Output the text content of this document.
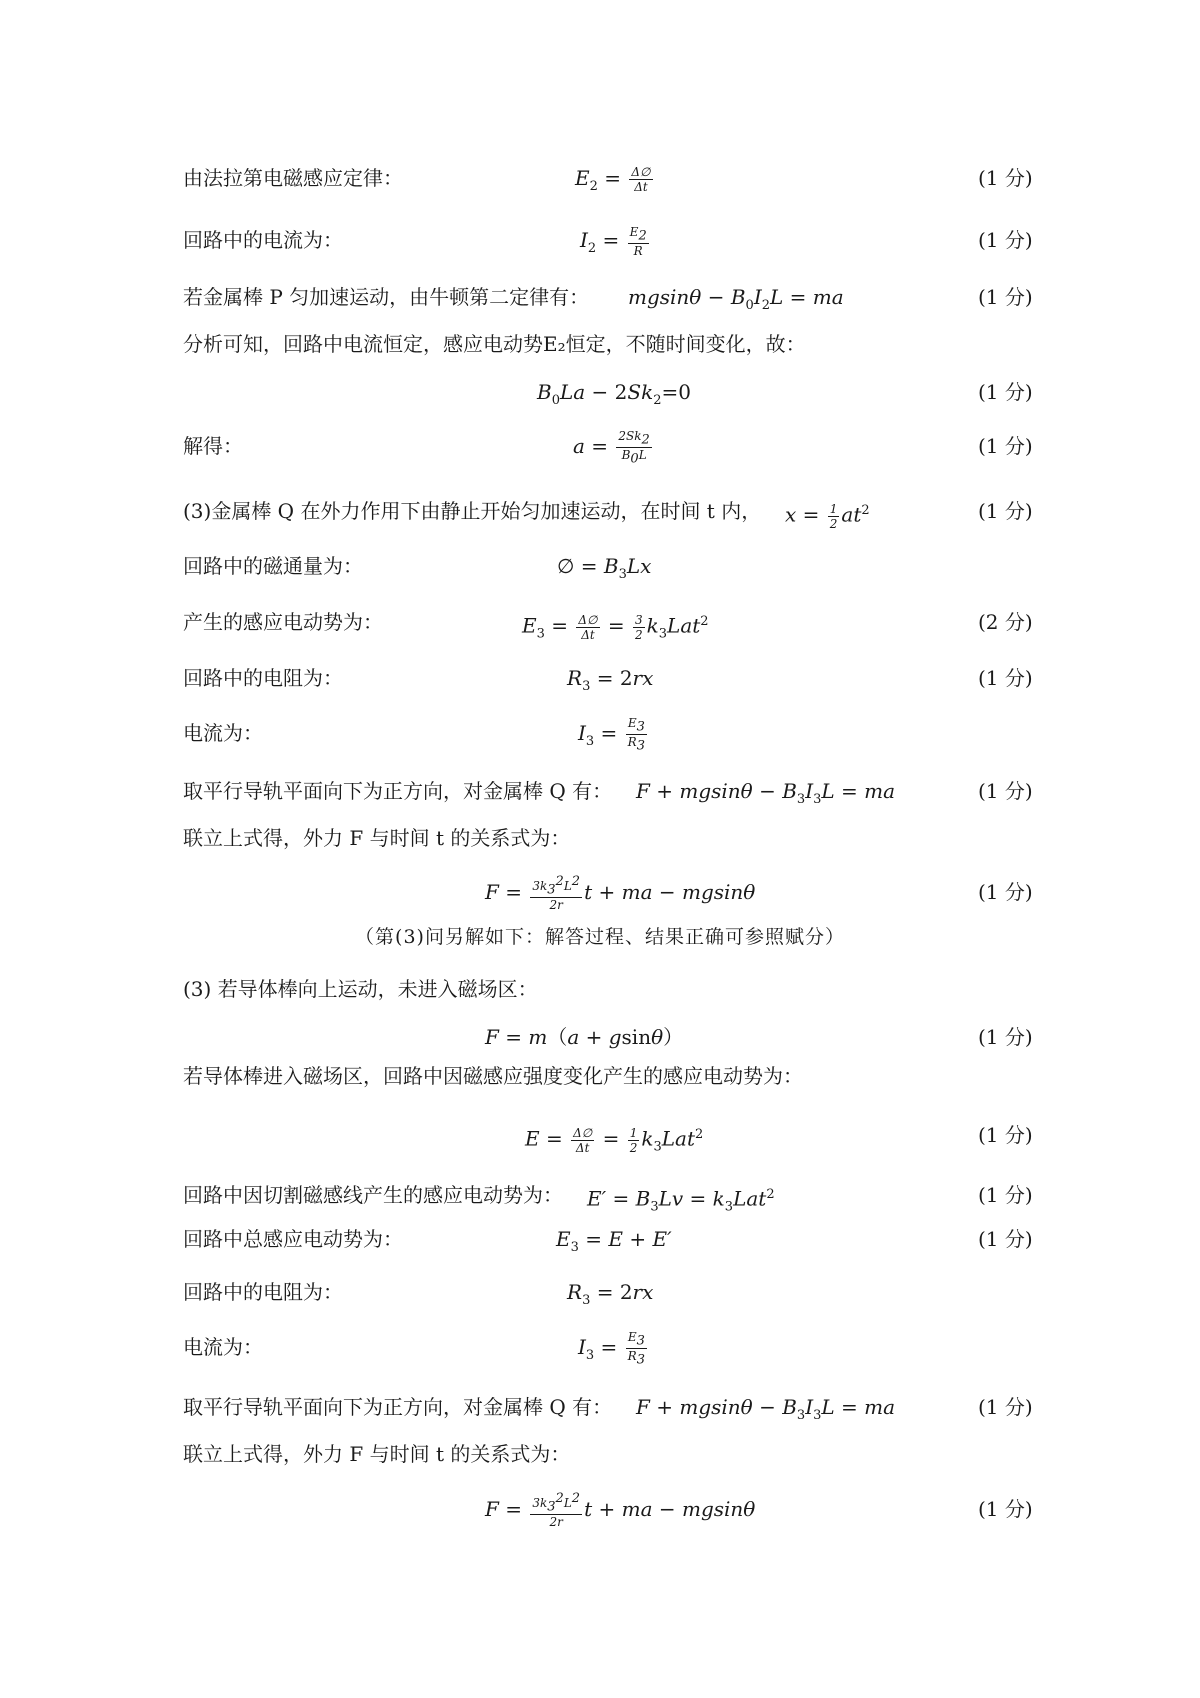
由法拉第电磁感应定律：	$E_2 = \frac{\Delta\emptyset}{\Delta t}$	(1 分)
回路中的电流为：	$I_2 = \frac{E_2}{R}$	(1 分)
若金属棒 P 匀加速运动，由牛顿第二定律有： $mgsin\theta - B_0I_2L$ = ma	(1 分)
分析可知，回路中电流恒定，感应电动势E₂恒定，不随时间变化，故：
$B_0La - 2Sk_2=0$	(1 分)
解得：	$a = \frac{2Sk_2}{B_0L}$	(1 分)
(3)金属棒 Q 在外力作用下由静止开始匀加速运动，在时间 t 内， $x = \frac{1}{2} at^2$	(1 分)
回路中的磁通量为：	∅ = $B_3Lx$
产生的感应电动势为：	$E_3 = \frac{\Delta\emptyset}{\Delta t} = \frac{3}{2} k_3Lat^2$	(2 分)
回路中的电阻为：	$R_3 = 2rx$	(1 分)
电流为：	$I_3 = \frac{E_3}{R_3}$
取平行导轨平面向下为正方向，对金属棒 Q 有： $F + mgsin\theta - B_3I_3L$ = ma	(1 分)
联立上式得，外力 F 与时间 t 的关系式为：
$F = \frac{3k_3^2L^2}{2r}$ t + ma − mgsinθ	(1 分)
（第(3)问另解如下：解答过程、结果正确可参照赋分）
(3) 若导体棒向上运动，未进入磁场区：
F = m（a + gsinθ）	(1 分)
若导体棒进入磁场区，回路中因磁感应强度变化产生的感应电动势为：
$E = \frac{\Delta\emptyset}{\Delta t} = \frac{1}{2} k_3Lat^2$	(1 分)
回路中因切割磁感线产生的感应电动势为： $E' = B_3Lv = k_3Lat^2$	(1 分)
回路中总感应电动势为：	$E_3 = E + E'$	(1 分)
回路中的电阻为：	$R_3 = 2rx$
电流为：	$I_3 = \frac{E_3}{R_3}$
取平行导轨平面向下为正方向，对金属棒 Q 有： $F + mgsin\theta - B_3I_3L$ = ma	(1 分)
联立上式得，外力 F 与时间 t 的关系式为：
$F = \frac{3k_3^2L^2}{2r}$ t + ma − mgsinθ	(1 分)
